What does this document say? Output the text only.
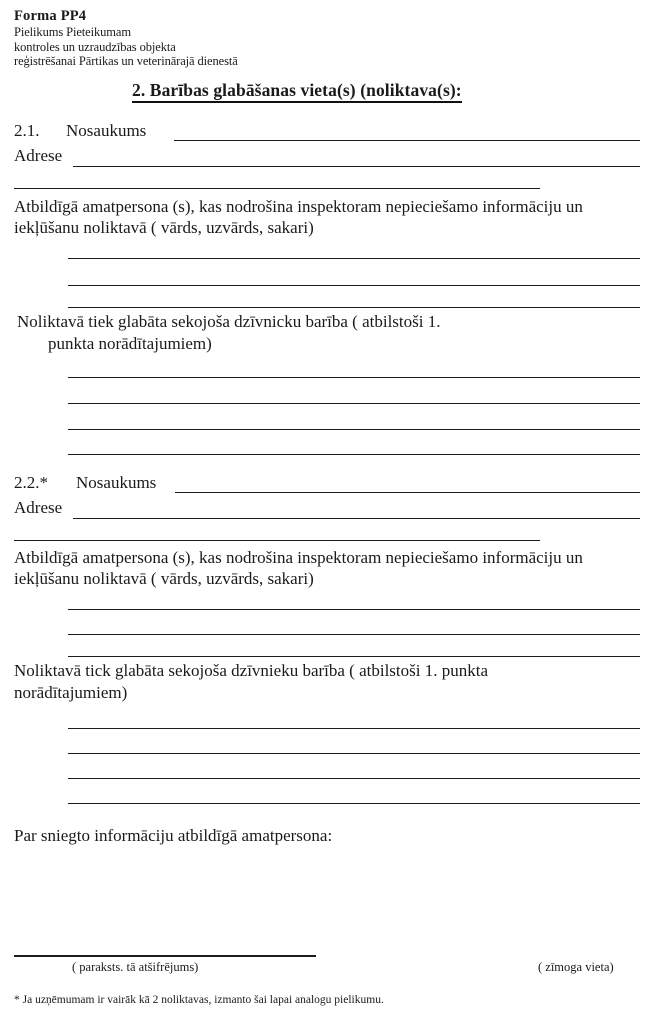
Forma PP4
Pielikums Pieteikumam
kontroles un uzraudzības objekta
reģistrēšanai Pārtikas un veterinārajā dienestā
2. Barības glabāšanas vieta(s) (noliktava(s):
2.1. Nosaukums
Adrese
Atbildīgā amatpersona (s), kas nodrošina inspektoram nepieciešamo informāciju un iekļūšanu noliktavā ( vārds, uzvārds, sakari)
Noliktavā tiek glabāta sekojoša dzīvnicku barība ( atbilstoši 1.
punkta norādītajumiem)
2.2.* Nosaukums
Adrese
Atbildīgā amatpersona (s), kas nodrošina inspektoram nepieciešamo informāciju un iekļūšanu noliktavā ( vārds, uzvārds, sakari)
Noliktavā tick glabāta sekojoša dzīvnieku barība ( atbilstoši 1. punkta
norādītajumiem)
Par sniegto informāciju atbildīgā amatpersona:
( paraksts. tā atšifrējums)	( zīmoga vieta)
* Ja uzņēmumam ir vairāk kā 2 noliktavas, izmanto šai lapai analogu pielikumu.
